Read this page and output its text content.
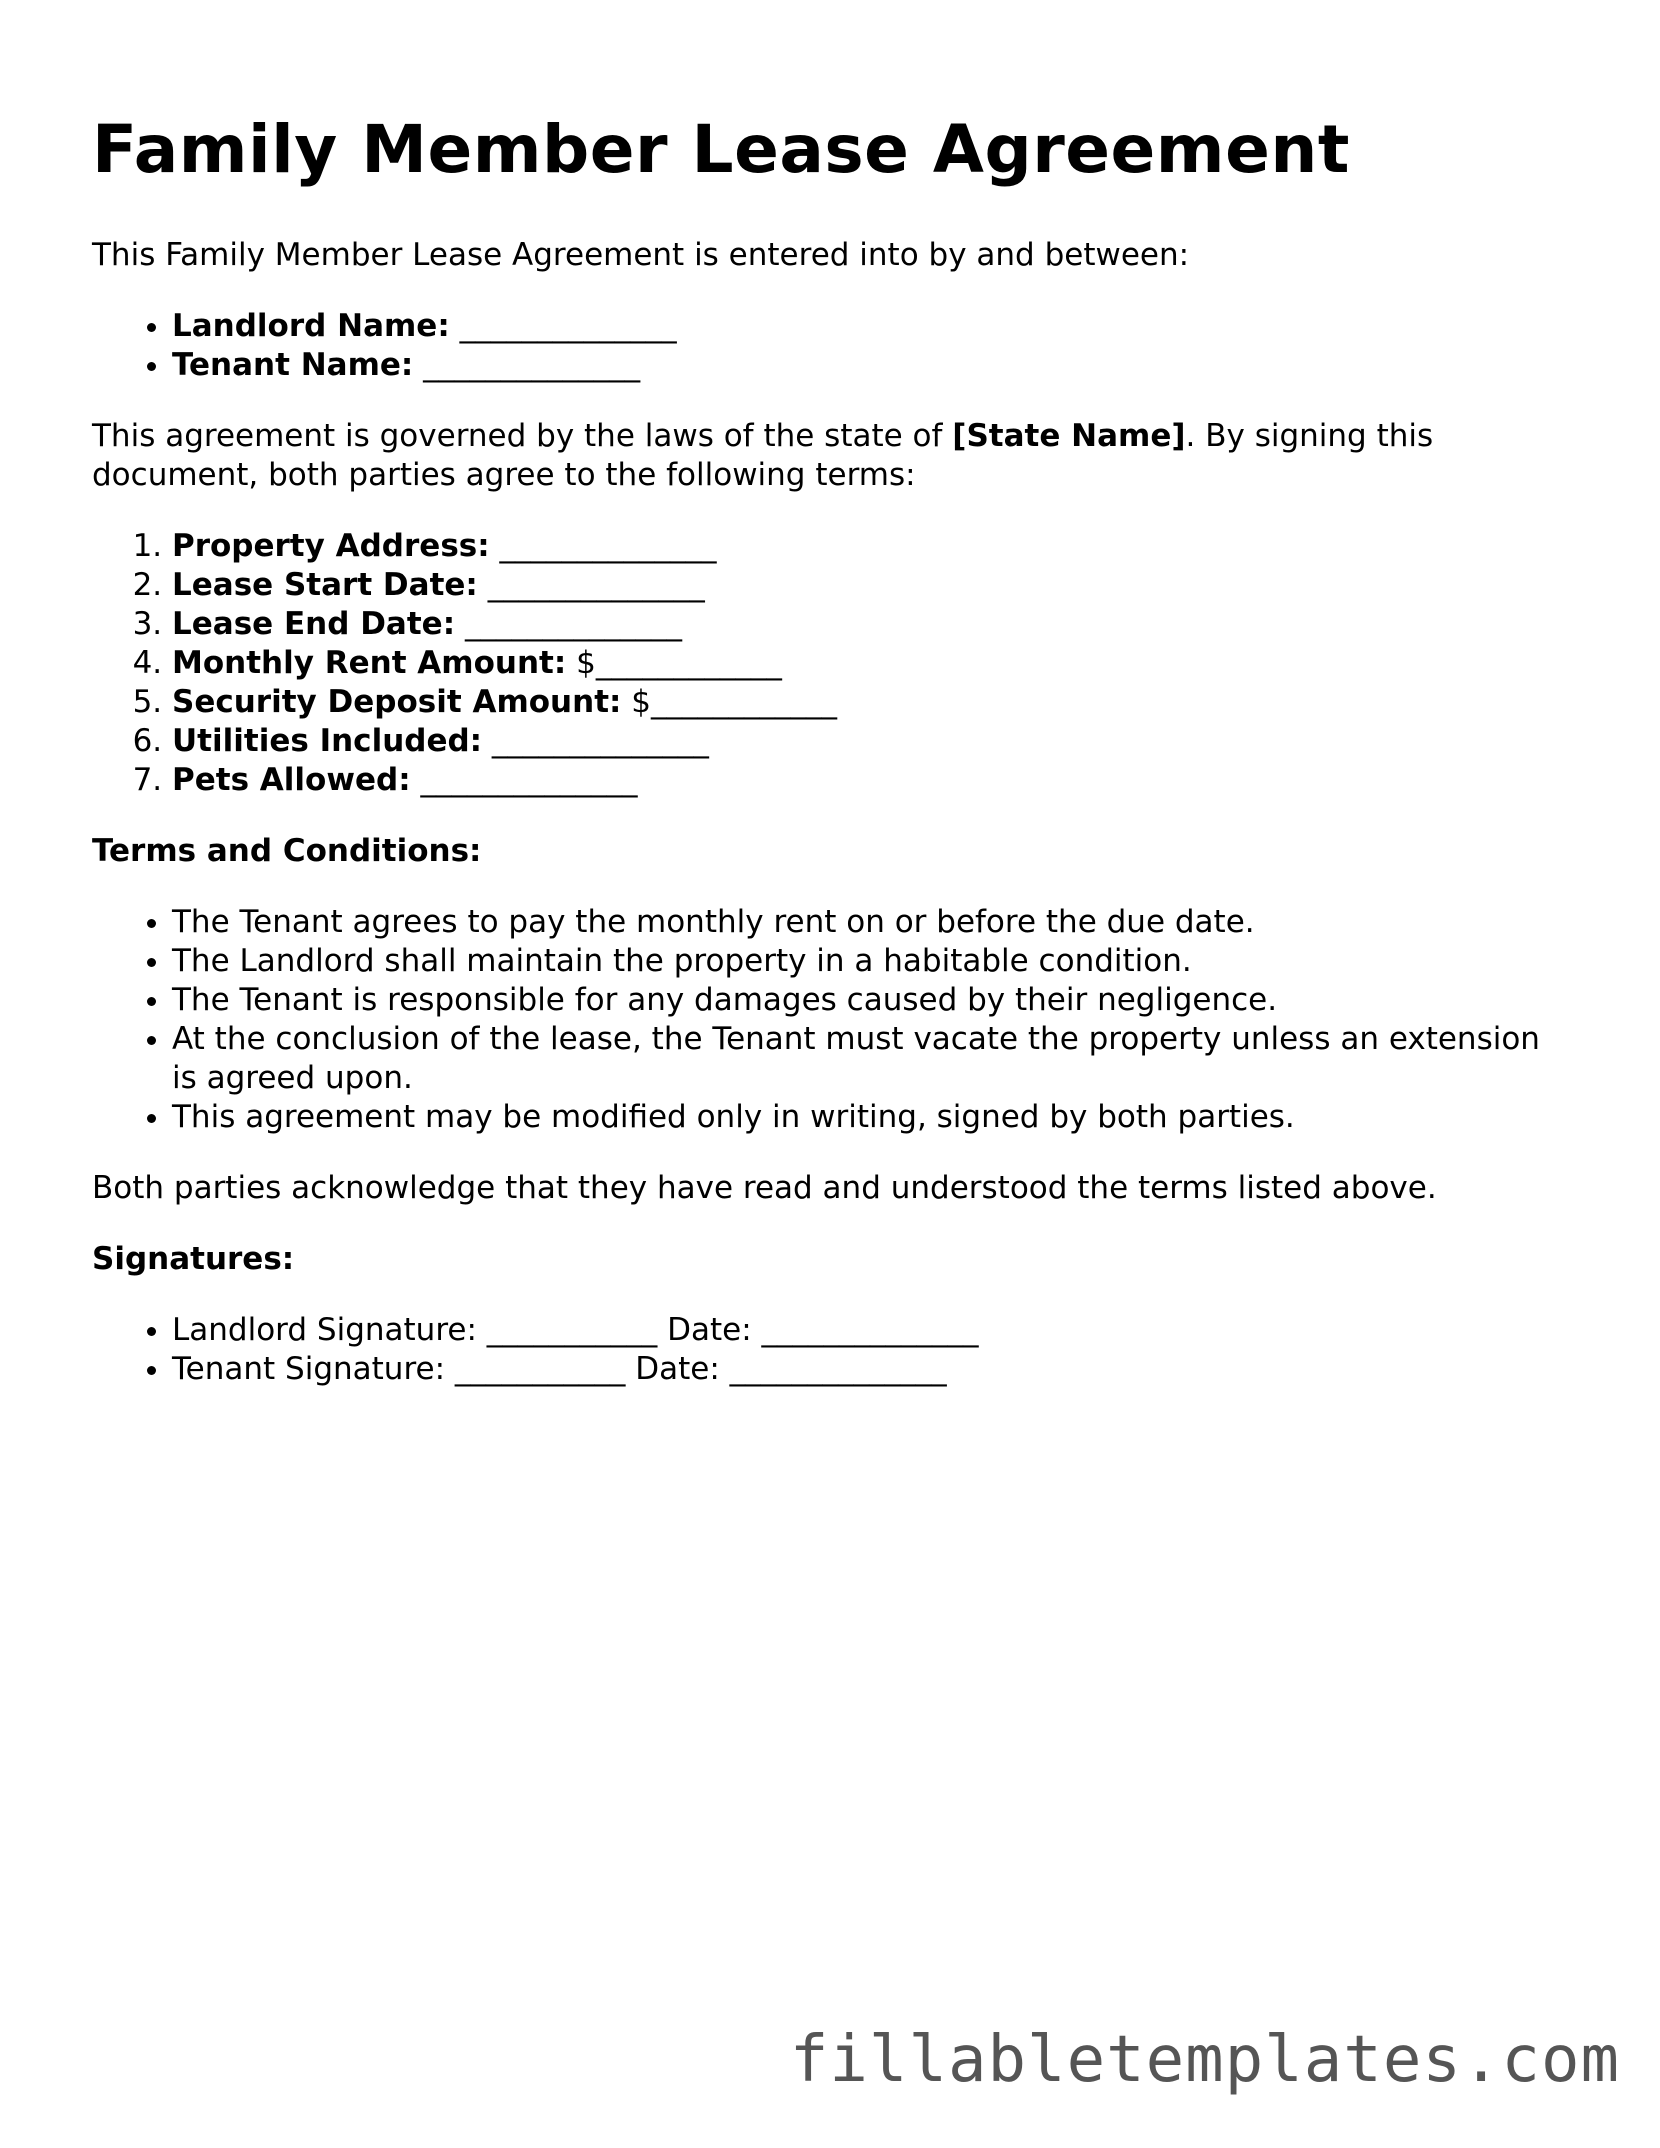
Family Member Lease Agreement

This Family Member Lease Agreement is entered into by and between:

• Landlord Name: ______________
• Tenant Name: ______________

This agreement is governed by the laws of the state of [State Name]. By signing this document, both parties agree to the following terms:

1. Property Address: ______________
2. Lease Start Date: ______________
3. Lease End Date: ______________
4. Monthly Rent Amount: $____________
5. Security Deposit Amount: $____________
6. Utilities Included: ______________
7. Pets Allowed: ______________

Terms and Conditions:

• The Tenant agrees to pay the monthly rent on or before the due date.
• The Landlord shall maintain the property in a habitable condition.
• The Tenant is responsible for any damages caused by their negligence.
• At the conclusion of the lease, the Tenant must vacate the property unless an extension is agreed upon.
• This agreement may be modified only in writing, signed by both parties.

Both parties acknowledge that they have read and understood the terms listed above.

Signatures:

• Landlord Signature: ___________ Date: ______________
• Tenant Signature: ___________ Date: ______________
fillabletemplates.com
